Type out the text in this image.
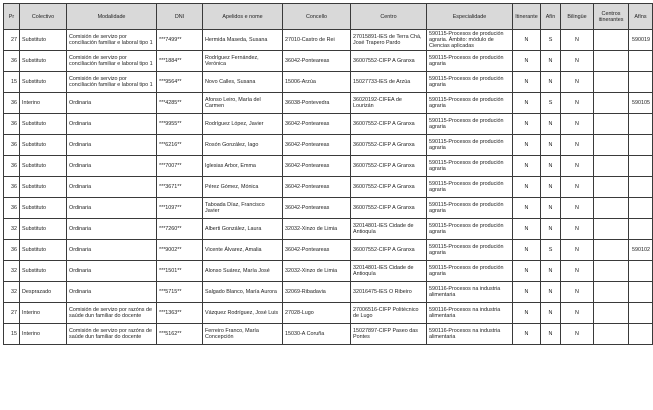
Pr	Colectivo	Modalidade	DNI	Apelidos e nome	Concello	Centro	Especialidade	Itinerante	Afín	Bilingüe	Centros itinerantes	Afíns
27	Substituto	Comisión de servizo por conciliación familiar e laboral tipo 1	***7499**	Hermida Maseda, Susana	27010-Castro de Rei	27015891-IES de Terra Chá, José Trapero Pardo	590115-Procesos de produción agraria. Ámbito: módulo de Ciencias aplicadas	N	S	N		590019
36	Substituto	Comisión de servizo por conciliación familiar e laboral tipo 1	***1884**	Rodríguez Fernández, Verónica	36042-Ponteareas	36007552-CIFP A Granxa	590115-Procesos de produción agraria	N	N	N		
15	Substituto	Comisión de servizo por conciliación familiar e laboral tipo 1	***9564**	Novo Calles, Susana	15006-Arzúa	15027733-IES de Arzúa	590115-Procesos de produción agraria	N	N	N		
36	Interino	Ordinaria	***4285**	Afonso Leiro, María del Carmen	36038-Pontevedra	36020192-CIFEA de Lourizán	590115-Procesos de produción agraria	N	S	N		590105
36	Substituto	Ordinaria	***9955**	Rodríguez López, Javier	36042-Ponteareas	36007552-CIFP A Granxa	590115-Procesos de produción agraria	N	N	N		
36	Substituto	Ordinaria	***6216**	Rosón González, Iago	36042-Ponteareas	36007552-CIFP A Granxa	590115-Procesos de produción agraria	N	N	N		
36	Substituto	Ordinaria	***7007**	Iglesias Arbor, Emma	36042-Ponteareas	36007552-CIFP A Granxa	590115-Procesos de produción agraria	N	N	N		
36	Substituto	Ordinaria	***3671**	Pérez Gómez, Mónica	36042-Ponteareas	36007552-CIFP A Granxa	590115-Procesos de produción agraria	N	N	N		
36	Substituto	Ordinaria	***1097**	Taboada Díaz, Francisco Javier	36042-Ponteareas	36007552-CIFP A Granxa	590115-Procesos de produción agraria	N	N	N		
32	Substituto	Ordinaria	***7260**	Alberti González, Laura	32032-Xinzo de Limia	32014801-IES Cidade de Antioquía	590115-Procesos de produción agraria	N	N	N		
36	Substituto	Ordinaria	***9002**	Vicente Álvarez, Amalia	36042-Ponteareas	36007552-CIFP A Granxa	590115-Procesos de produción agraria	N	S	N		590102
32	Substituto	Ordinaria	***1501**	Alonso Suárez, María José	32032-Xinzo de Limia	32014801-IES Cidade de Antioquía	590115-Procesos de produción agraria	N	N	N		
32	Desprazado	Ordinaria	***5715**	Salgado Blanco, María Aurora	32069-Ribadavia	32016475-IES O Ribeiro	590116-Procesos na industria alimentaria	N	N	N		
27	Interino	Comisión de servizo por razóns de saúde dun familiar do docente	***1363**	Vázquez Rodríguez, José Luis	27028-Lugo	27006516-CIFP Politécnico de Lugo	590116-Procesos na industria alimentaria	N	N	N		
15	Interino	Comisión de servizo por razóns de saúde dun familiar do docente	***5162**	Ferreiro Franco, María Concepción	15030-A Coruña	15027897-CIFP Paseo das Pontes	590116-Procesos na industria alimentaria	N	N	N		
